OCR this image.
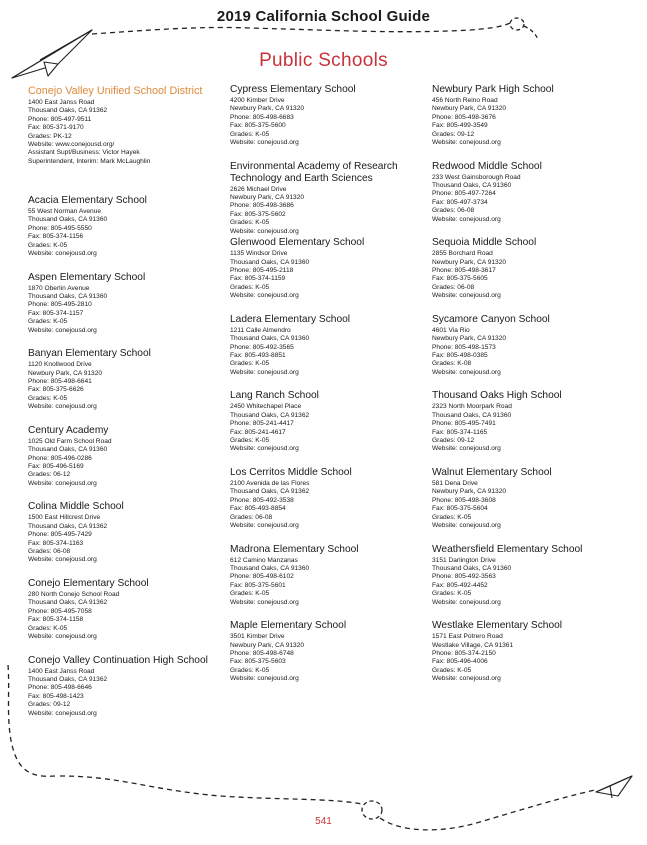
2019 California School Guide
Public Schools
Conejo Valley Unified School District
1400 East Janss Road
Thousand Oaks, CA 91362
Phone: 805-497-9511
Fax: 805-371-9170
Grades: PK-12
Website: www.conejousd.org/
Assistant Supt/Business: Victor Hayek
Superintendent, Interim: Mark McLaughlin
Acacia Elementary School
55 West Norman Avenue
Thousand Oaks, CA 91360
Phone: 805-495-5550
Fax: 805-374-1156
Grades: K-05
Website: conejousd.org
Aspen Elementary School
1870 Oberlin Avenue
Thousand Oaks, CA 91360
Phone: 805-495-2810
Fax: 805-374-1157
Grades: K-05
Website: conejousd.org
Banyan Elementary School
1120 Knollwood Drive
Newbury Park, CA 91320
Phone: 805-498-6641
Fax: 805-375-6626
Grades: K-05
Website: conejousd.org
Century Academy
1025 Old Farm School Road
Thousand Oaks, CA 91360
Phone: 805-496-0286
Fax: 805-496-5169
Grades: 06-12
Website: conejousd.org
Colina Middle School
1500 East Hillcrest Drive
Thousand Oaks, CA 91362
Phone: 805-495-7429
Fax: 805-374-1163
Grades: 06-08
Website: conejousd.org
Conejo Elementary School
280 North Conejo School Road
Thousand Oaks, CA 91362
Phone: 805-495-7058
Fax: 805-374-1158
Grades: K-05
Website: conejousd.org
Conejo Valley Continuation High School
1400 East Janss Road
Thousand Oaks, CA 91362
Phone: 805-498-6646
Fax: 805-498-1423
Grades: 09-12
Website: conejousd.org
Cypress Elementary School
4200 Kimber Drive
Newbury Park, CA 91320
Phone: 805-498-6683
Fax: 805-375-5600
Grades: K-05
Website: conejousd.org
Environmental Academy of Research Technology and Earth Sciences
2626 Michael Drive
Newbury Park, CA 91320
Phone: 805-498-3686
Fax: 805-375-5602
Grades: K-05
Website: conejousd.org
Glenwood Elementary School
1135 Windsor Drive
Thousand Oaks, CA 91360
Phone: 805-495-2118
Fax: 805-374-1159
Grades: K-05
Website: conejousd.org
Ladera Elementary School
1211 Calle Almendro
Thousand Oaks, CA 91360
Phone: 805-492-3565
Fax: 805-493-8851
Grades: K-05
Website: conejousd.org
Lang Ranch School
2450 Whitechapel Place
Thousand Oaks, CA 91362
Phone: 805-241-4417
Fax: 805-241-4617
Grades: K-05
Website: conejousd.org
Los Cerritos Middle School
2100 Avenida de las Flores
Thousand Oaks, CA 91362
Phone: 805-492-3538
Fax: 805-493-8854
Grades: 06-08
Website: conejousd.org
Madrona Elementary School
612 Camino Manzanas
Thousand Oaks, CA 91360
Phone: 805-498-6102
Fax: 805-375-5601
Grades: K-05
Website: conejousd.org
Maple Elementary School
3501 Kimber Drive
Newbury Park, CA 91320
Phone: 805-498-6748
Fax: 805-375-5603
Grades: K-05
Website: conejousd.org
Newbury Park High School
456 North Reino Road
Newbury Park, CA 91320
Phone: 805-498-3676
Fax: 805-499-3549
Grades: 09-12
Website: conejousd.org
Redwood Middle School
233 West Gainsborough Road
Thousand Oaks, CA 91360
Phone: 805-497-7264
Fax: 805-497-3734
Grades: 06-08
Website: conejousd.org
Sequoia Middle School
2855 Borchard Road
Newbury Park, CA 91320
Phone: 805-498-3617
Fax: 805-375-5605
Grades: 06-08
Website: conejousd.org
Sycamore Canyon School
4601 Via Rio
Newbury Park, CA 91320
Phone: 805-498-1573
Fax: 805-498-0385
Grades: K-08
Website: conejousd.org
Thousand Oaks High School
2323 North Moorpark Road
Thousand Oaks, CA 91360
Phone: 805-495-7491
Fax: 805-374-1165
Grades: 09-12
Website: conejousd.org
Walnut Elementary School
581 Dena Drive
Newbury Park, CA 91320
Phone: 805-498-3608
Fax: 805-375-5604
Grades: K-05
Website: conejousd.org
Weathersfield Elementary School
3151 Darlington Drive
Thousand Oaks, CA 91360
Phone: 805-492-3563
Fax: 805-492-4452
Grades: K-05
Website: conejousd.org
Westlake Elementary School
1571 East Potrero Road
Westlake Village, CA 91361
Phone: 805-374-2150
Fax: 805-496-4006
Grades: K-05
Website: conejousd.org
541
